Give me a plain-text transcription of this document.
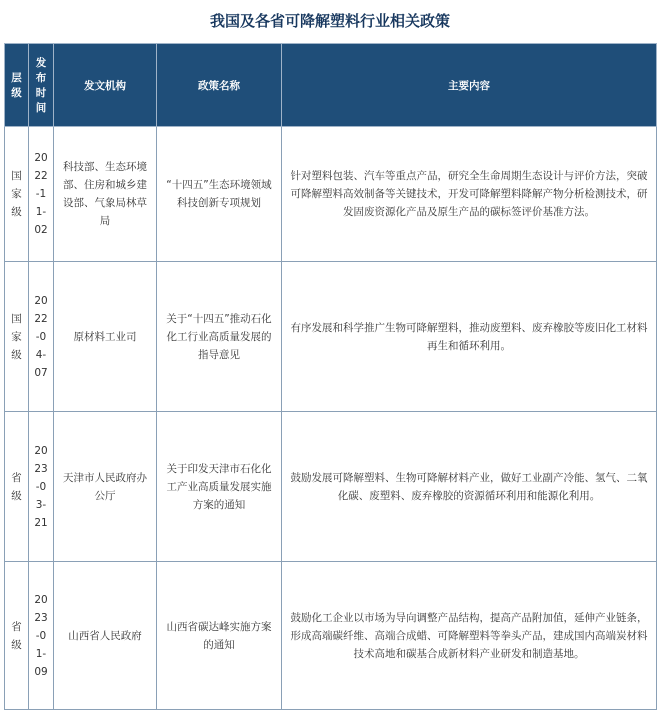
我国及各省可降解塑料行业相关政策
层级	发布时间	发文机构	政策名称	主要内容
国家级	2022-11-02	科技部、生态环境部、住房和城乡建设部、气象局林草局	“十四五”生态环境领域科技创新专项规划	针对塑料包装、汽车等重点产品，研究全生命周期生态设计与评价方法，突破可降解塑料高效制备等关键技术，开发可降解塑料降解产物分析检测技术，研发固废资源化产品及原生产品的碳标签评价基准方法。
国家级	2022-04-07	原材料工业司	关于“十四五”推动石化化工行业高质量发展的指导意见	有序发展和科学推广生物可降解塑料，推动废塑料、废弃橡胶等废旧化工材料再生和循环利用。
省级	2023-03-21	天津市人民政府办公厅	关于印发天津市石化化工产业高质量发展实施方案的通知	鼓励发展可降解塑料、生物可降解材料产业，做好工业副产冷能、氢气、二氧化碳、废塑料、废弃橡胶的资源循环利用和能源化利用。
省级	2023-01-09	山西省人民政府	山西省碳达峰实施方案的通知	鼓励化工企业以市场为导向调整产品结构，提高产品附加值，延伸产业链条，形成高端碳纤维、高端合成蜡、可降解塑料等拳头产品，建成国内高端炭材料技术高地和碳基合成新材料产业研发和制造基地。
